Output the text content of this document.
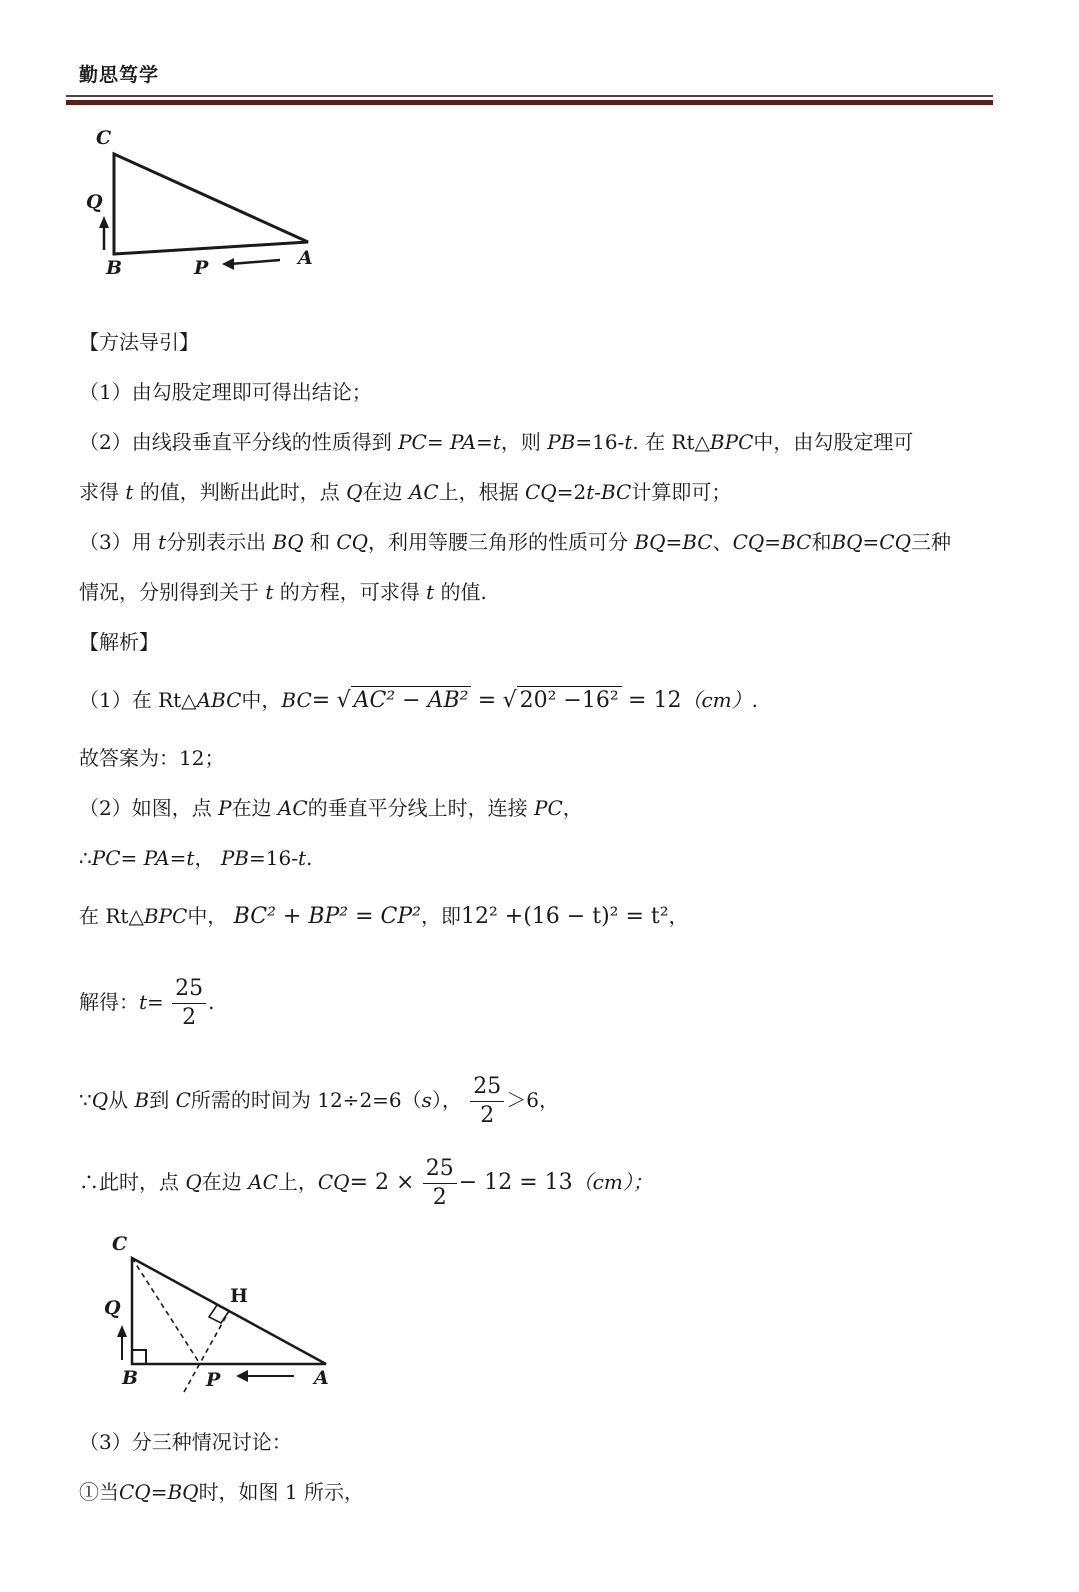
勤思笃学
C
Q
B	P	A
【方法导引】
（1）由勾股定理即可得出结论；
（2）由线段垂直平分线的性质得到 PC= PA=t，则 PB=16-t. 在 Rt△BPC中，由勾股定理可
求得 t 的值，判断出此时，点 Q在边 AC上，根据 CQ=2t-BC计算即可；
（3）用 t分别表示出 BQ 和 CQ，利用等腰三角形的性质可分 BQ=BC、CQ=BC和BQ=CQ三种
情况，分别得到关于 t 的方程，可求得 t 的值.
【解析】
（1）在 Rt△ABC中，BC= √ AC² − AB² = √ 20² −16² = 12（cm）.
故答案为：12；
（2）如图，点 P在边 AC的垂直平分线上时，连接 PC，
∴PC= PA=t， PB=16-t.
在 Rt△BPC中， BC² + BP² = CP²，即12² +(16 − t)² = t²，
解得：$t= \frac{25}{2}$ .
∵Q从 B到 C所需的时间为 12÷2=6（s）， $\frac{25}{2} >6$，
∴此时，点 Q在边 AC上，$CQ= 2 \times \frac{25}{2} - 12 = 13(cm)$；
C
H
Q
B	P	A
（3）分三种情况讨论：
①当CQ=BQ时，如图 1 所示，
